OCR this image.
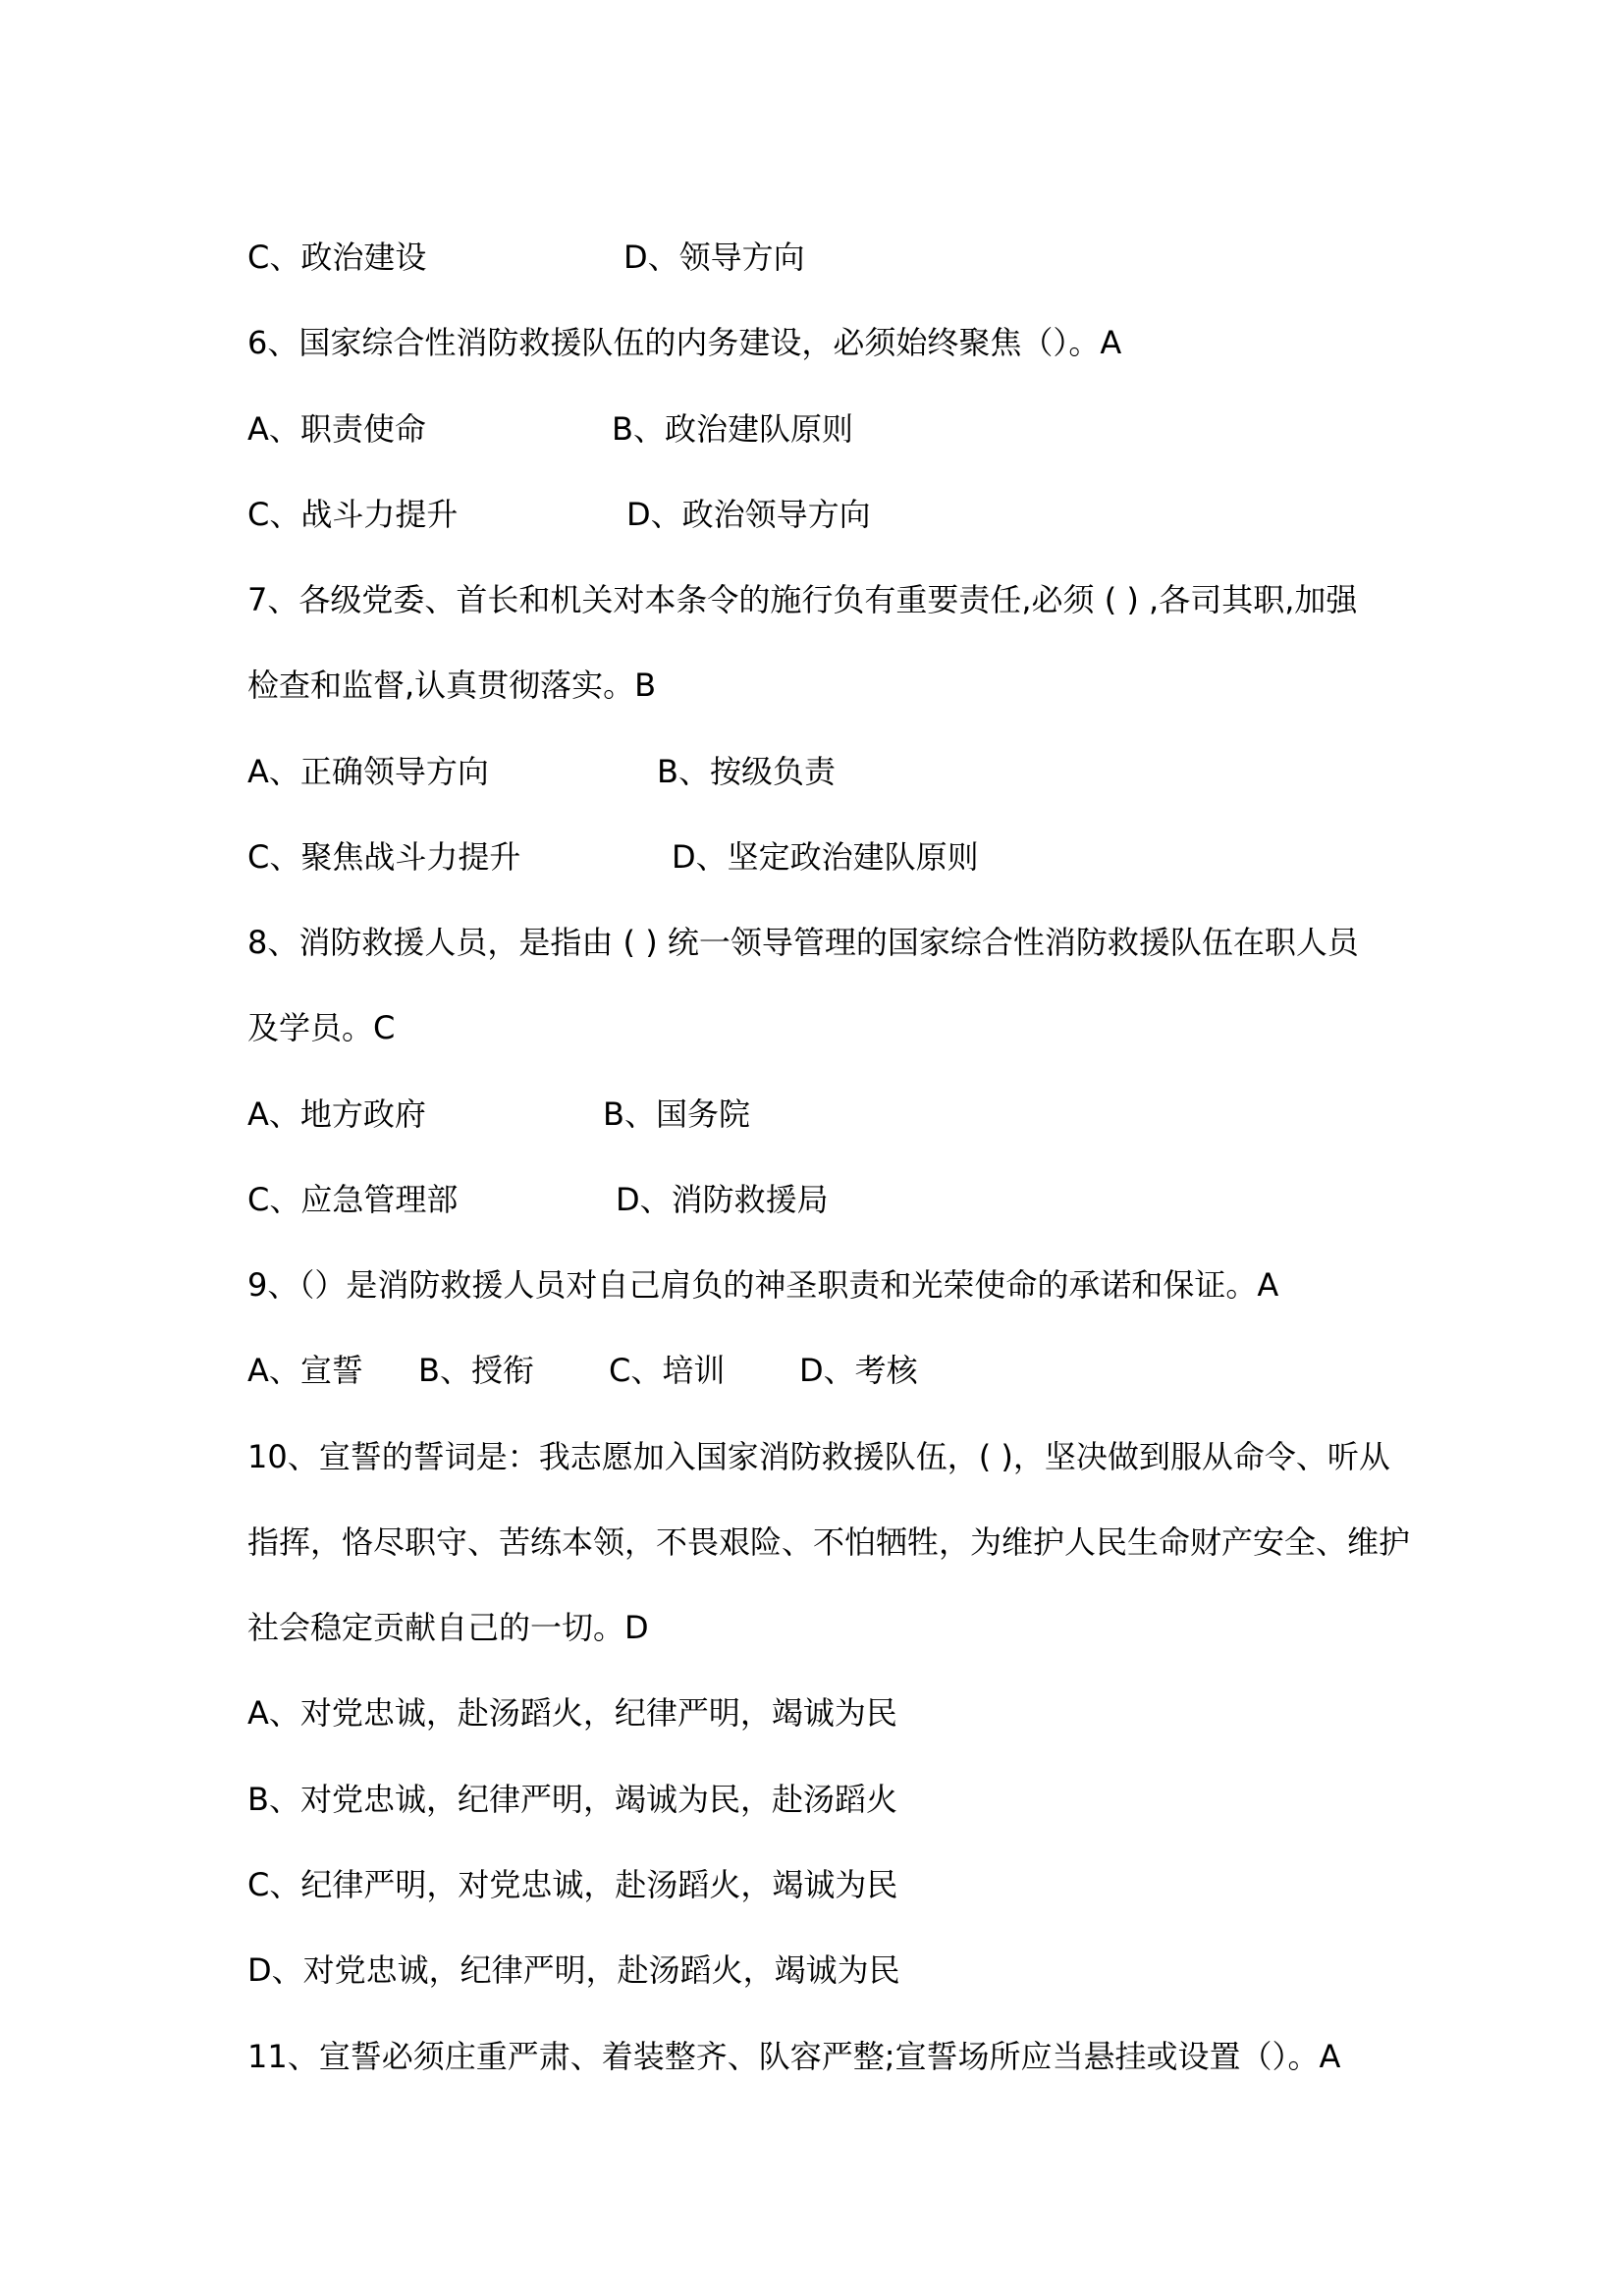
C、政治建设	D、领导方向
6、国家综合性消防救援队伍的内务建设，必须始终聚焦（）。A
A、职责使命	B、政治建队原则
C、战斗力提升	D、政治领导方向
7、各级党委、首长和机关对本条令的施行负有重要责任,必须 ( ) ,各司其职,加强
检查和监督,认真贯彻落实。B
A、正确领导方向	B、按级负责
C、聚焦战斗力提升	D、坚定政治建队原则
8、消防救援人员，是指由 ( ) 统一领导管理的国家综合性消防救援队伍在职人员
及学员。C
A、地方政府	B、国务院
C、应急管理部	D、消防救援局
9、（）是消防救援人员对自己肩负的神圣职责和光荣使命的承诺和保证。A
A、宣誓 B、授衔 C、培训 D、考核
10、宣誓的誓词是：我志愿加入国家消防救援队伍，( )，坚决做到服从命令、听从
指挥，恪尽职守、苦练本领，不畏艰险、不怕牺牲，为维护人民生命财产安全、维护
社会稳定贡献自己的一切。D
A、对党忠诚，赴汤蹈火，纪律严明，竭诚为民
B、对党忠诚，纪律严明，竭诚为民，赴汤蹈火
C、纪律严明，对党忠诚，赴汤蹈火，竭诚为民
D、对党忠诚，纪律严明，赴汤蹈火，竭诚为民
11、宣誓必须庄重严肃、着装整齐、队容严整;宣誓场所应当悬挂或设置（）。A
